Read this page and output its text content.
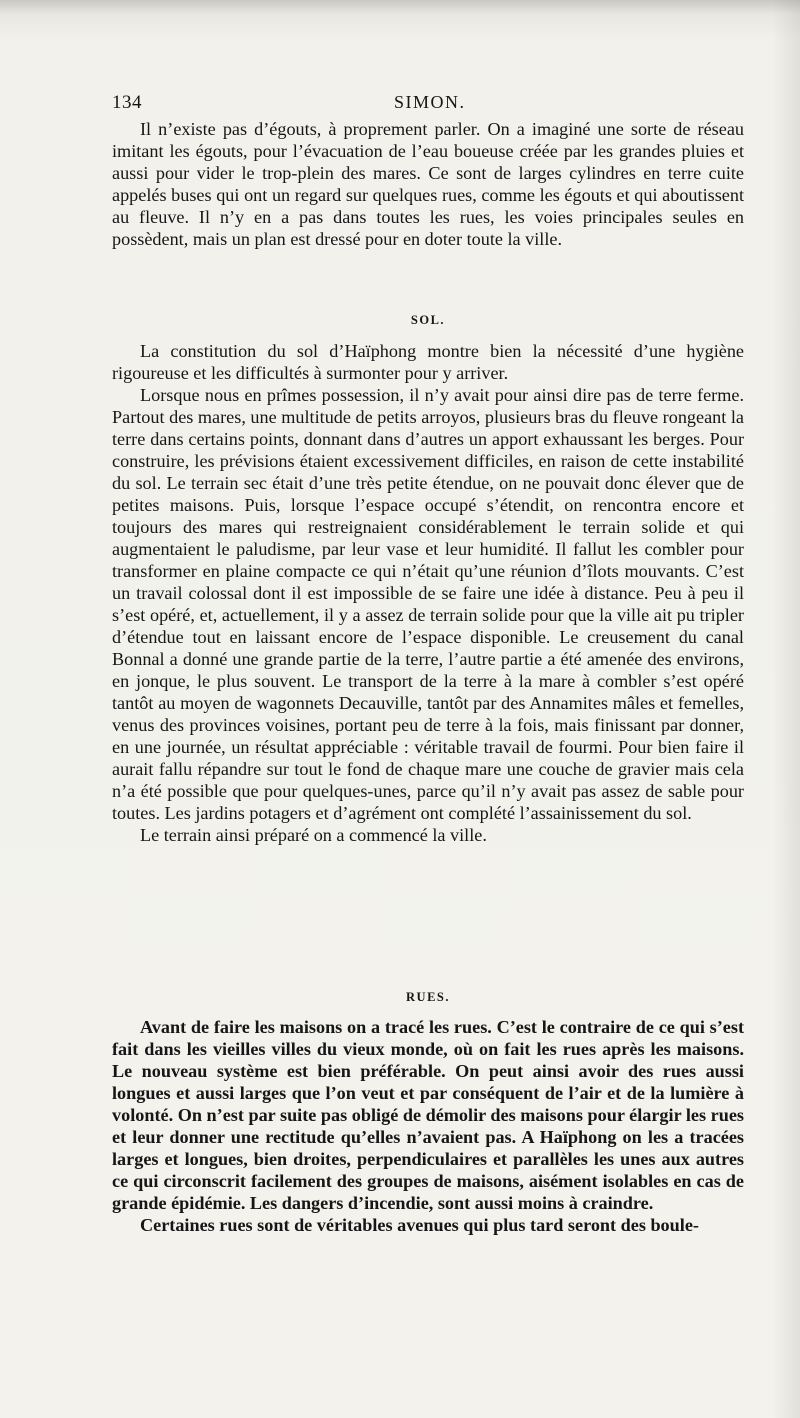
134	SIMON.

Il n’existe pas d’égouts, à proprement parler. On a imaginé une sorte de réseau imitant les égouts, pour l’évacuation de l’eau boueuse créée par les grandes pluies et aussi pour vider le trop-plein des mares. Ce sont de larges cylindres en terre cuite appelés buses qui ont un regard sur quelques rues, comme les égouts et qui aboutissent au fleuve. Il n’y en a pas dans toutes les rues, les voies principales seules en possèdent, mais un plan est dressé pour en doter toute la ville.

SOL.

La constitution du sol d’Haïphong montre bien la nécessité d’une hygiène rigoureuse et les difficultés à surmonter pour y arriver.

Lorsque nous en prîmes possession, il n’y avait pour ainsi dire pas de terre ferme. Partout des mares, une multitude de petits arroyos, plusieurs bras du fleuve rongeant la terre dans certains points, donnant dans d’autres un apport exhaussant les berges. Pour construire, les prévisions étaient excessivement difficiles, en raison de cette instabilité du sol. Le terrain sec était d’une très petite étendue, on ne pouvait donc élever que de petites maisons. Puis, lorsque l’espace occupé s’étendit, on rencontra encore et toujours des mares qui restreignaient considérablement le terrain solide et qui augmentaient le paludisme, par leur vase et leur humidité. Il fallut les combler pour transformer en plaine compacte ce qui n’était qu’une réunion d’îlots mouvants. C’est un travail colossal dont il est impossible de se faire une idée à distance. Peu à peu il s’est opéré, et, actuellement, il y a assez de terrain solide pour que la ville ait pu tripler d’étendue tout en laissant encore de l’espace disponible. Le creusement du canal Bonnal a donné une grande partie de la terre, l’autre partie a été amenée des environs, en jonque, le plus souvent. Le transport de la terre à la mare à combler s’est opéré tantôt au moyen de wagonnets Decauville, tantôt par des Annamites mâles et femelles, venus des provinces voisines, portant peu de terre à la fois, mais finissant par donner, en une journée, un résultat appréciable : véritable travail de fourmi. Pour bien faire il aurait fallu répandre sur tout le fond de chaque mare une couche de gravier mais cela n’a été possible que pour quelques-unes, parce qu’il n’y avait pas assez de sable pour toutes. Les jardins potagers et d’agrément ont complété l’assainissement du sol.

Le terrain ainsi préparé on a commencé la ville.

RUES.

Avant de faire les maisons on a tracé les rues. C’est le contraire de ce qui s’est fait dans les vieilles villes du vieux monde, où on fait les rues après les maisons. Le nouveau système est bien préférable. On peut ainsi avoir des rues aussi longues et aussi larges que l’on veut et par conséquent de l’air et de la lumière à volonté. On n’est par suite pas obligé de démolir des maisons pour élargir les rues et leur donner une rectitude qu’elles n’avaient pas. A Haïphong on les a tracées larges et longues, bien droites, perpendiculaires et parallèles les unes aux autres ce qui circonscrit facilement des groupes de maisons, aisément isolables en cas de grande épidémie. Les dangers d’incendie, sont aussi moins à craindre.

Certaines rues sont de véritables avenues qui plus tard seront des boule-
